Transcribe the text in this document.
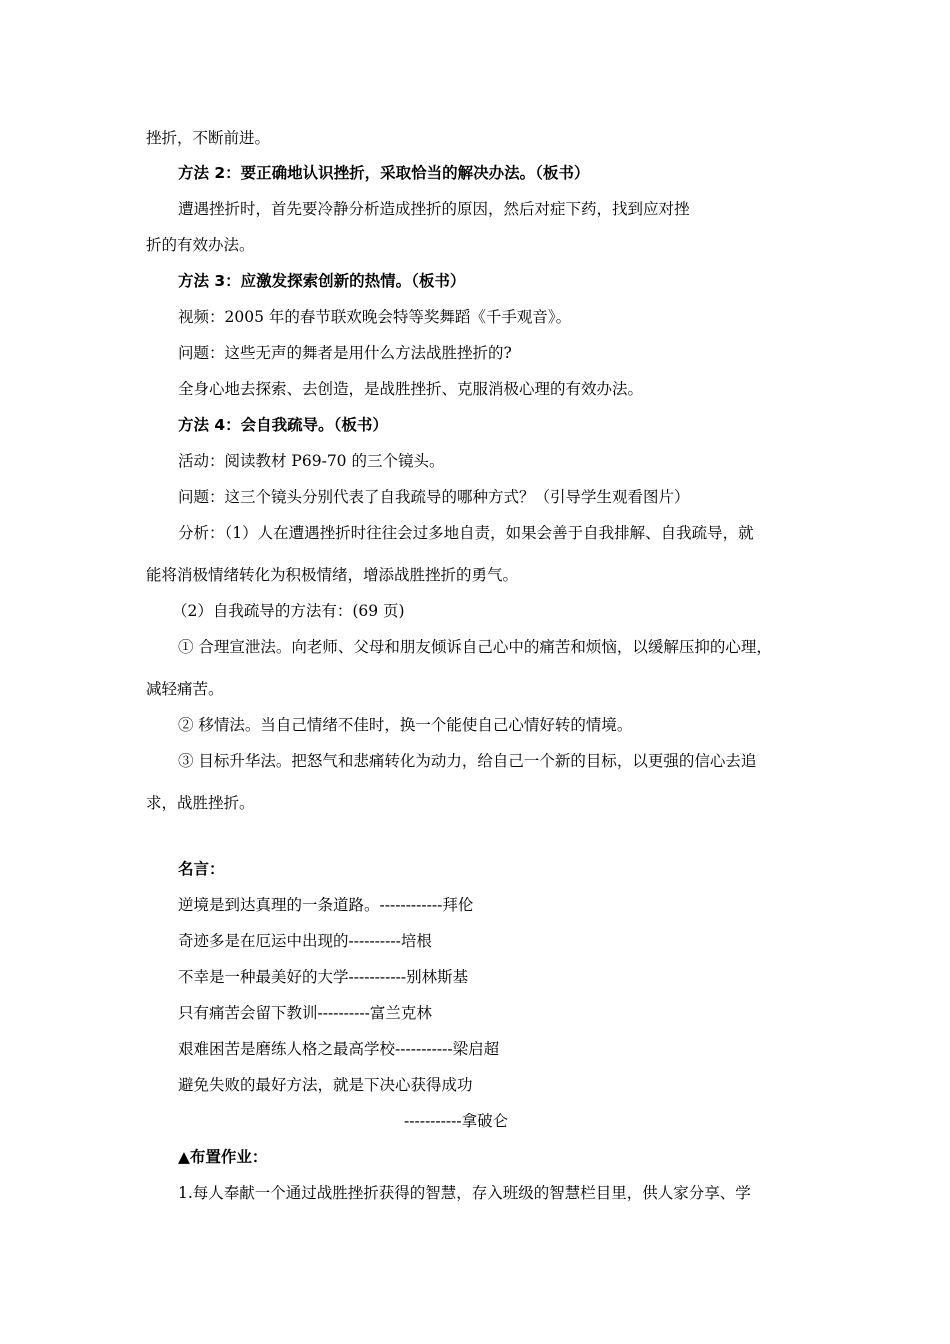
挫折，不断前进。

方法 2：要正确地认识挫折，采取恰当的解决办法。（板书）

遭遇挫折时，首先要冷静分析造成挫折的原因，然后对症下药，找到应对挫

折的有效办法。

方法 3：应激发探索创新的热情。（板书）

视频：2005 年的春节联欢晚会特等奖舞蹈《千手观音》。

问题：这些无声的舞者是用什么方法战胜挫折的?

全身心地去探索、去创造，是战胜挫折、克服消极心理的有效办法。

方法 4：会自我疏导。（板书）

活动：阅读教材 P69-70 的三个镜头。

问题：这三个镜头分别代表了自我疏导的哪种方式？（引导学生观看图片）

分析：（1）人在遭遇挫折时往往会过多地自责，如果会善于自我排解、自我疏导，就

能将消极情绪转化为积极情绪，增添战胜挫折的勇气。

（2）自我疏导的方法有：(69 页)

① 合理宣泄法。向老师、父母和朋友倾诉自己心中的痛苦和烦恼，以缓解压抑的心理，

减轻痛苦。

② 移情法。当自己情绪不佳时，换一个能使自己心情好转的情境。

③ 目标升华法。把怒气和悲痛转化为动力，给自己一个新的目标，以更强的信心去追

求，战胜挫折。

名言：

逆境是到达真理的一条道路。------------拜伦

奇迹多是在厄运中出现的----------培根

不幸是一种最美好的大学-----------别林斯基

只有痛苦会留下教训----------富兰克林

艰难困苦是磨练人格之最高学校-----------梁启超

避免失败的最好方法，就是下决心获得成功

-----------拿破仑

▲布置作业：

1.每人奉献一个通过战胜挫折获得的智慧，存入班级的智慧栏目里，供人家分享、学
